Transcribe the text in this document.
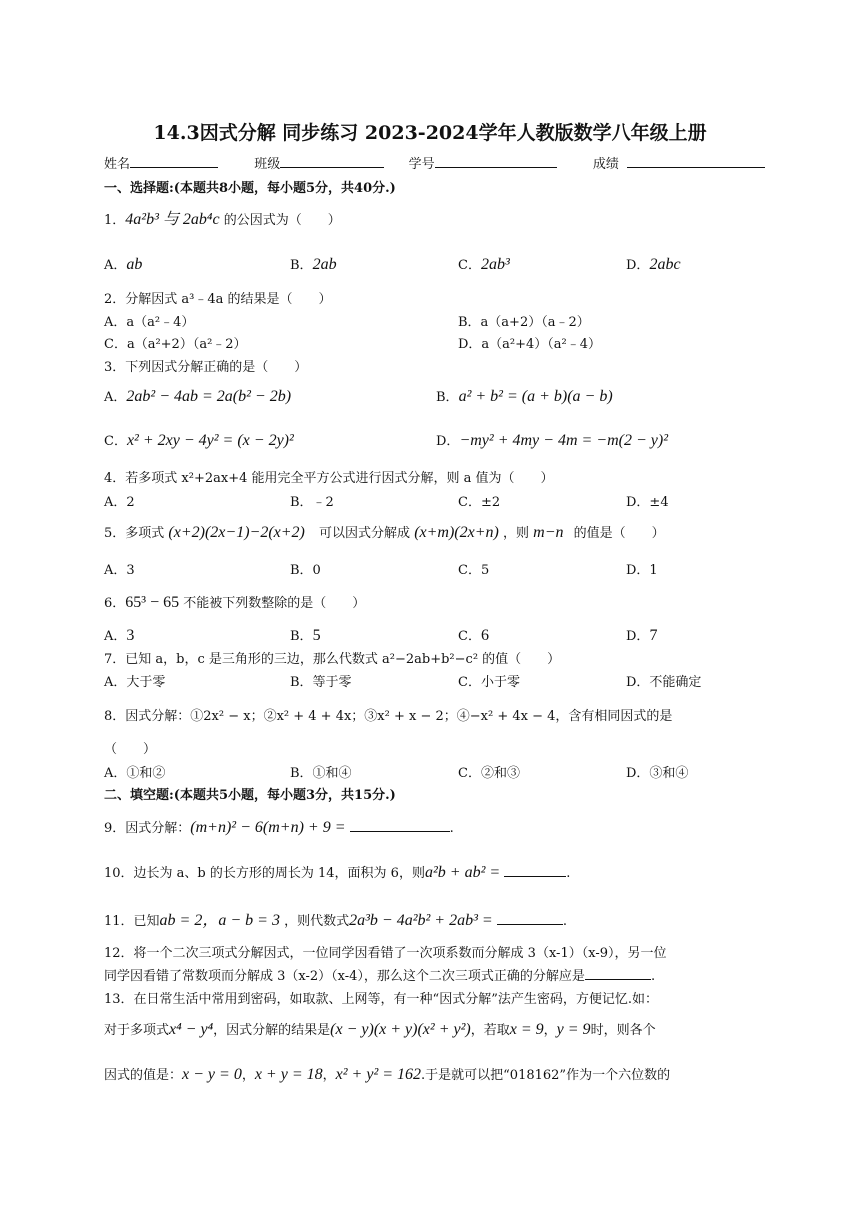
14.3因式分解 同步练习 2023-2024学年人教版数学八年级上册
姓名	班级	学号	成绩
一、选择题:(本题共8小题，每小题5分，共40分.)
1．4a²b³ 与 2ab⁴c 的公因式为（　　）
A．ab	B．2ab	C．2ab³	D．2abc
2．分解因式 a³﹣4a 的结果是（　　）
A．a（a²﹣4）	B．a（a+2）（a﹣2）
C．a（a²+2）（a²﹣2）	D．a（a²+4）（a²﹣4）
3．下列因式分解正确的是（　　）
A．2ab² − 4ab = 2a(b² − 2b)	B．a² + b² = (a + b)(a − b)
C．x² + 2xy − 4y² = (x − 2y)²	D．−my² + 4my − 4m = −m(2 − y)²
4．若多项式 x²+2ax+4 能用完全平方公式进行因式分解，则 a 值为（　　）
A．2	B．﹣2	C．±2	D．±4
5．多项式 (x+2)(2x−1)−2(x+2) 可以因式分解成 (x+m)(2x+n) ，则 m−n 的值是（　　）
A．3	B．0	C．5	D．1
6．65³ − 65 不能被下列数整除的是（　　）
A．3	B．5	C．6	D．7
7．已知 a，b，c 是三角形的三边，那么代数式 a²−2ab+b²−c² 的值（　　）
A．大于零	B．等于零	C．小于零	D．不能确定
8．因式分解：①2x² − x；②x² + 4 + 4x；③x² + x − 2；④−x² + 4x − 4，含有相同因式的是
（　　）
A．①和②	B．①和④	C．②和③	D．③和④
二、填空题:(本题共5小题，每小题3分，共15分.)
9．因式分解：(m+n)² − 6(m+n) + 9 =	.
10．边长为 a、b 的长方形的周长为 14，面积为 6，则a²b + ab² =	.
11．已知ab = 2，a − b = 3 ，则代数式2a³b − 4a²b² + 2ab³ =	.
12．将一个二次三项式分解因式，一位同学因看错了一次项系数而分解成 3（x-1）（x-9），另一位
同学因看错了常数项而分解成 3（x-2）（x-4），那么这个二次三项式正确的分解应是	.
13．在日常生活中常用到密码，如取款、上网等，有一种“因式分解”法产生密码，方便记忆.如：
对于多项式x⁴ − y⁴，因式分解的结果是(x − y)(x + y)(x² + y²)，若取x = 9，y = 9时，则各个
因式的值是：x − y = 0，x + y = 18，x² + y² = 162.于是就可以把“018162”作为一个六位数的
